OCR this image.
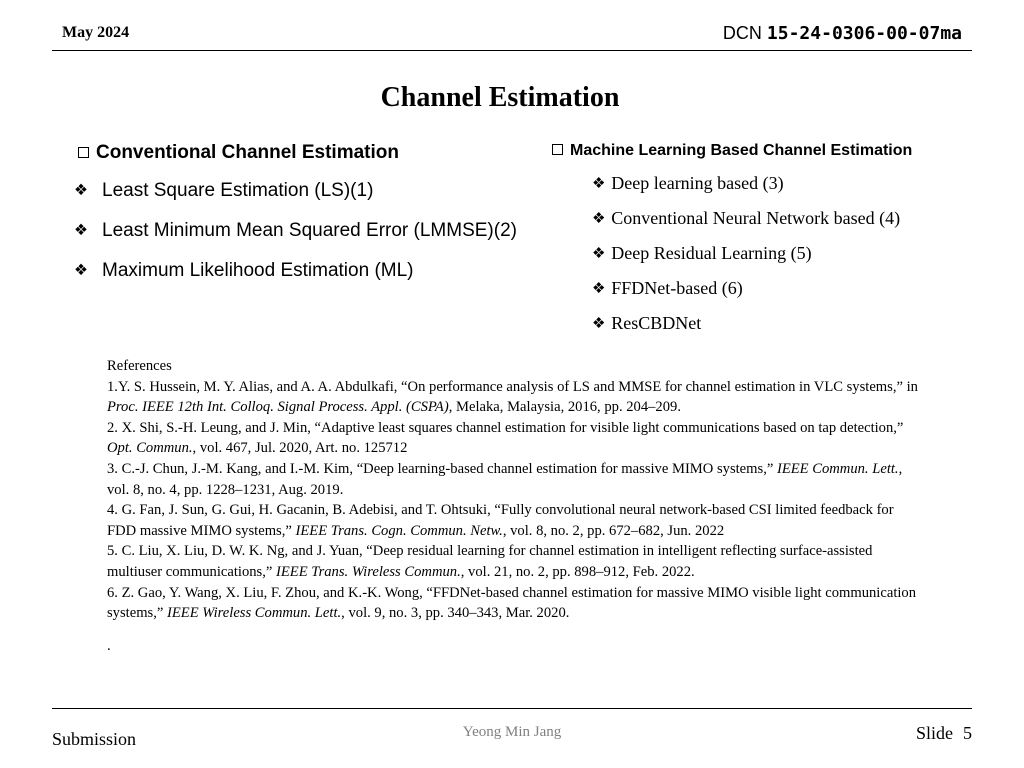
May 2024	DCN 15-24-0306-00-07ma
Channel Estimation
Conventional Channel Estimation
❖ Least Square Estimation (LS)(1)
❖ Least Minimum Mean Squared Error (LMMSE)(2)
❖ Maximum Likelihood Estimation (ML)
Machine Learning Based Channel Estimation
❖ Deep learning based (3)
❖ Conventional Neural Network based (4)
❖ Deep Residual Learning (5)
❖ FFDNet-based (6)
❖ ResCBDNet

References

1.Y. S. Hussein, M. Y. Alias, and A. A. Abdulkafi, “On performance analysis of LS and MMSE for channel estimation in VLC systems,” in Proc. IEEE 12th Int. Colloq. Signal Process. Appl. (CSPA), Melaka, Malaysia, 2016, pp. 204–209.

2. X. Shi, S.-H. Leung, and J. Min, “Adaptive least squares channel estimation for visible light communications based on tap detection,” Opt. Commun., vol. 467, Jul. 2020, Art. no. 125712

3. C.-J. Chun, J.-M. Kang, and I.-M. Kim, “Deep learning-based channel estimation for massive MIMO systems,” IEEE Commun. Lett., vol. 8, no. 4, pp. 1228–1231, Aug. 2019.

4. G. Fan, J. Sun, G. Gui, H. Gacanin, B. Adebisi, and T. Ohtsuki, “Fully convolutional neural network-based CSI limited feedback for FDD massive MIMO systems,” IEEE Trans. Cogn. Commun. Netw., vol. 8, no. 2, pp. 672–682, Jun. 2022

5. C. Liu, X. Liu, D. W. K. Ng, and J. Yuan, “Deep residual learning for channel estimation in intelligent reflecting surface-assisted multiuser communications,” IEEE Trans. Wireless Commun., vol. 21, no. 2, pp. 898–912, Feb. 2022.

6. Z. Gao, Y. Wang, X. Liu, F. Zhou, and K.-K. Wong, “FFDNet-based channel estimation for massive MIMO visible light communication systems,” IEEE Wireless Commun. Lett., vol. 9, no. 3, pp. 340–343, Mar. 2020.

.

Submission	Yeong Min Jang	Slide 5
